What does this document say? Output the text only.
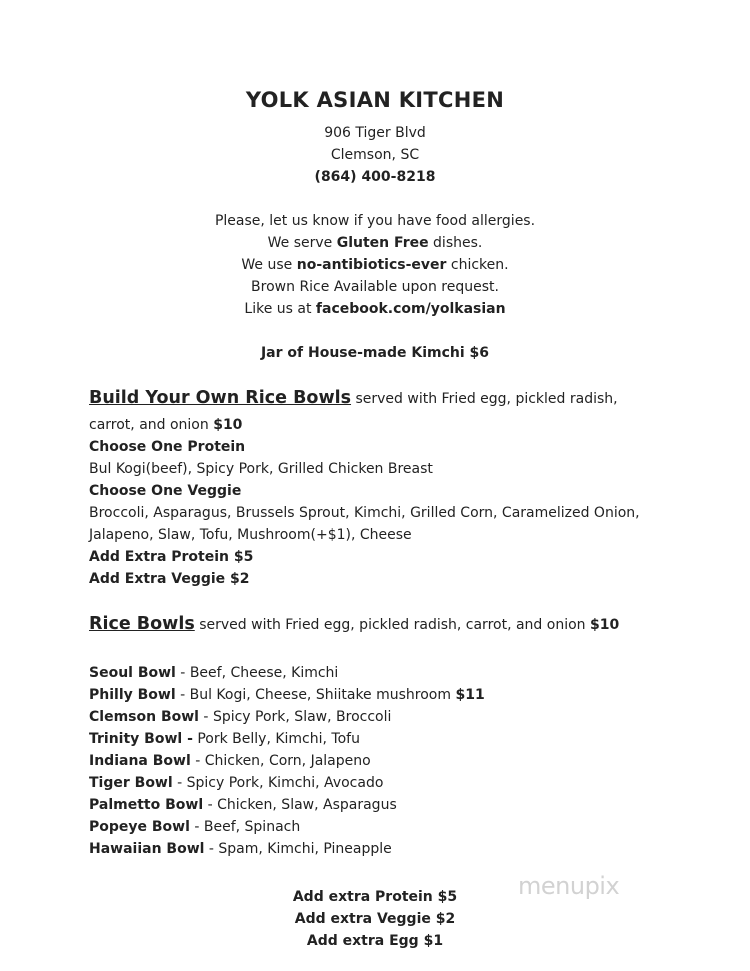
YOLK ASIAN KITCHEN
906 Tiger Blvd
Clemson, SC
(864) 400-8218
Please, let us know if you have food allergies.
We serve Gluten Free dishes.
We use no-antibiotics-ever chicken.
Brown Rice Available upon request.
Like us at facebook.com/yolkasian
Jar of House-made Kimchi $6
Build Your Own Rice Bowls served with Fried egg, pickled radish,
carrot, and onion $10
Choose One Protein
Bul Kogi(beef), Spicy Pork, Grilled Chicken Breast
Choose One Veggie
Broccoli, Asparagus, Brussels Sprout, Kimchi, Grilled Corn, Caramelized Onion,
Jalapeno, Slaw, Tofu, Mushroom(+$1), Cheese
Add Extra Protein $5
Add Extra Veggie $2
Rice Bowls served with Fried egg, pickled radish, carrot, and onion $10
Seoul Bowl - Beef, Cheese, Kimchi
Philly Bowl - Bul Kogi, Cheese, Shiitake mushroom $11
Clemson Bowl - Spicy Pork, Slaw, Broccoli
Trinity Bowl - Pork Belly, Kimchi, Tofu
Indiana Bowl - Chicken, Corn, Jalapeno
Tiger Bowl - Spicy Pork, Kimchi, Avocado
Palmetto Bowl - Chicken, Slaw, Asparagus
Popeye Bowl - Beef, Spinach
Hawaiian Bowl - Spam, Kimchi, Pineapple
Add extra Protein $5
Add extra Veggie $2
Add extra Egg $1
menupix
